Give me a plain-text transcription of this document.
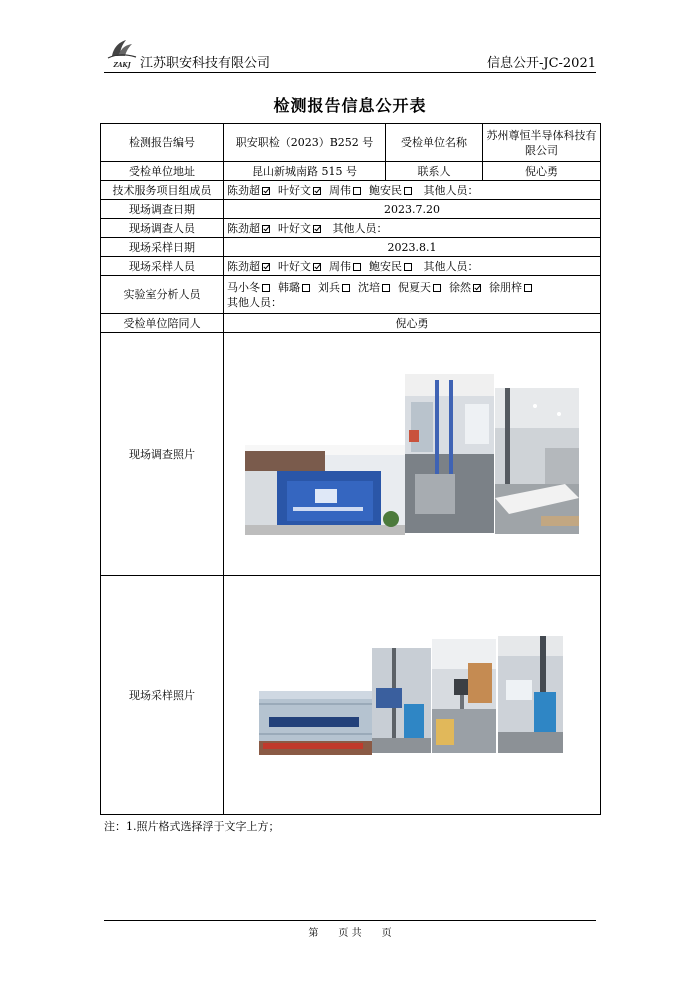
ZAKJ 江苏职安科技有限公司	信息公开-JC-2021
检测报告信息公开表
检测报告编号	职安职检（2023）B252 号	受检单位名称	苏州尊恒半导体科技有限公司
受检单位地址	昆山新城南路 515 号	联系人	倪心勇
技术服务项目组成员	陈劲超 叶好文 周伟 鲍安民 其他人员：		
现场调查日期	2023.7.20		
现场调查人员	陈劲超 叶好文 其他人员：		
现场采样日期	2023.8.1		
现场采样人员	陈劲超 叶好文 周伟 鲍安民 其他人员：		
实验室分析人员	马小冬 韩璐 刘兵 沈培 倪夏天 徐然 徐朋梓
其他人员：		

受检单位陪同人	倪心勇		
现场调查照片	

现场采样照片	
注：1.照片格式选择浮于文字上方；
第　　页 共　　页
